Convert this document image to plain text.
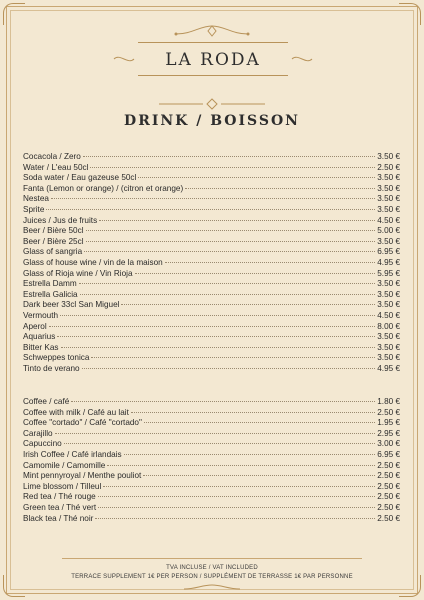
LA RODA
DRINK / BOISSON
Cocacola / Zero	3.50 €
Water / L'eau 50cl	2.50 €
Soda water / Eau gazeuse 50cl	3.50 €
Fanta (Lemon or orange) / (citron et orange)	3.50 €
Nestea	3.50 €
Sprite	3.50 €
Juices / Jus de fruits	4.50 €
Beer / Bière 50cl	5.00 €
Beer / Bière 25cl	3.50 €
Glass of sangria	6.95 €
Glass of house wine / vin de la maison	4.95 €
Glass of Rioja wine / Vin Rioja	5.95 €
Estrella Damm	3.50 €
Estrella Galicia	3.50 €
Dark beer 33cl San Miguel	3.50 €
Vermouth	4.50 €
Aperol	8.00 €
Aquarius	3.50 €
Bitter Kas	3.50 €
Schweppes tonica	3.50 €
Tinto de verano	4.95 €
Coffee / café	1.80 €
Coffee with milk / Café au lait	2.50 €
Coffee "cortado" / Café "cortado"	1.95 €
Carajillo	2.95 €
Capuccino	3.00 €
Irish Coffee / Café irlandais	6.95 €
Camomile / Camomille	2.50 €
Mint pennyroyal / Menthe pouliot	2.50 €
Lime blossom / Tilleul	2.50 €
Red tea / Thé rouge	2.50 €
Green tea / Thé vert	2.50 €
Black tea / Thé noir	2.50 €
TVA INCLUSE / VAT INCLUDED
TERRACE SUPPLEMENT 1€ PER PERSON / SUPPLÉMENT DE TERRASSE 1€ PAR PERSONNE
